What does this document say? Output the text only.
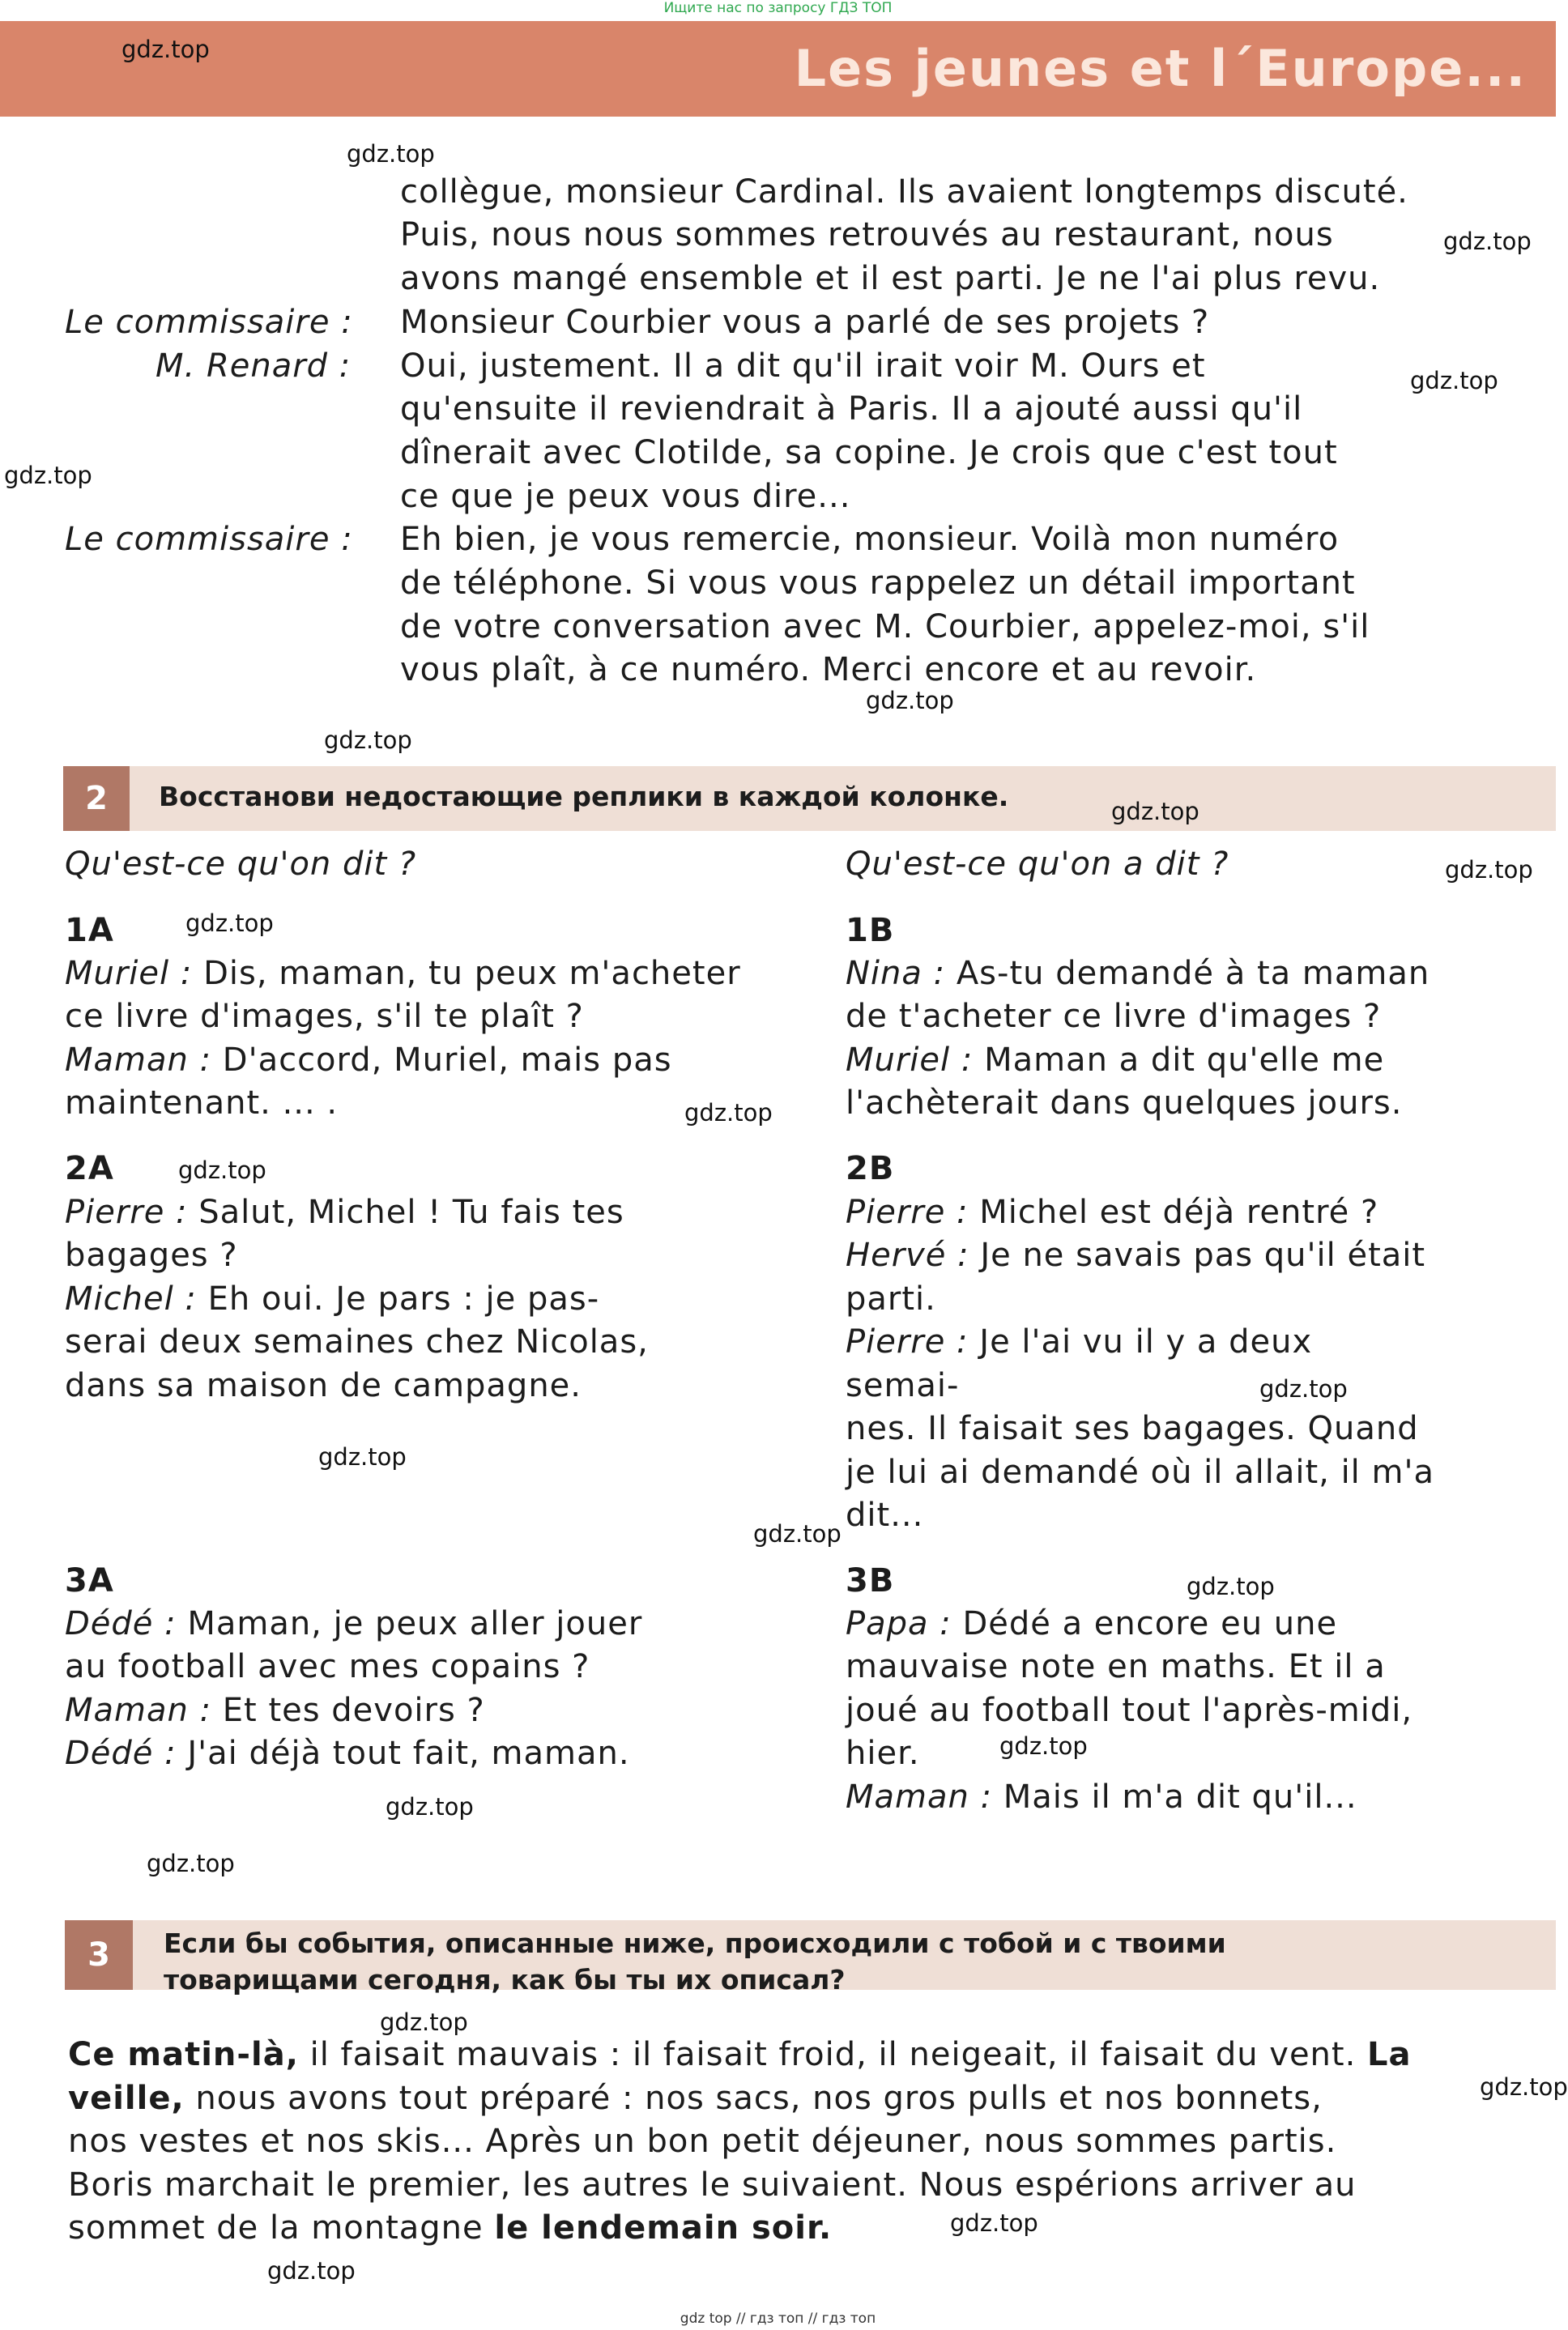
Ищите нас по запросу ГДЗ ТОП
Les jeunes et l´Europe...
collègue, monsieur Cardinal. Ils avaient longtemps discuté.
Puis, nous nous sommes retrouvés au restaurant, nous
avons mangé ensemble et il est parti. Je ne l'ai plus revu.
Le commissaire : Monsieur Courbier vous a parlé de ses projets ?
M. Renard : Oui, justement. Il a dit qu'il irait voir M. Ours et
qu'ensuite il reviendrait à Paris. Il a ajouté aussi qu'il
dînerait avec Clotilde, sa copine. Je crois que c'est tout
ce que je peux vous dire...
Le commissaire : Eh bien, je vous remercie, monsieur. Voilà mon numéro
de téléphone. Si vous vous rappelez un détail important
de votre conversation avec M. Courbier, appelez-moi, s'il
vous plaît, à ce numéro. Merci encore et au revoir.
2	Восстанови недостающие реплики в каждой колонке.
Qu'est-ce qu'on dit ?	Qu'est-ce qu'on a dit ?
1A
Muriel : Dis, maman, tu peux m'acheter
ce livre d'images, s'il te plaît ?
Maman : D'accord, Muriel, mais pas
maintenant. ... .
1B
Nina : As-tu demandé à ta maman
de t'acheter ce livre d'images ?
Muriel : Maman a dit qu'elle me
l'achèterait dans quelques jours.
2A
Pierre : Salut, Michel ! Tu fais tes
bagages ?
Michel : Eh oui. Je pars : je pas-
serai deux semaines chez Nicolas,
dans sa maison de campagne.
2B
Pierre : Michel est déjà rentré ?
Hervé : Je ne savais pas qu'il était
parti.
Pierre : Je l'ai vu il y a deux
semai-
nes. Il faisait ses bagages. Quand
je lui ai demandé où il allait, il m'a
dit...
3A
Dédé : Maman, je peux aller jouer
au football avec mes copains ?
Maman : Et tes devoirs ?
Dédé : J'ai déjà tout fait, maman.
3B
Papa : Dédé a encore eu une
mauvaise note en maths. Et il a
joué au football tout l'après-midi,
hier.
Maman : Mais il m'a dit qu'il...
3	Если бы события, описанные ниже, происходили с тобой и с твоими
товарищами сегодня, как бы ты их описал?
Ce matin-là, il faisait mauvais : il faisait froid, il neigeait, il faisait du vent. La
veille, nous avons tout préparé : nos sacs, nos gros pulls et nos bonnets,
nos vestes et nos skis... Après un bon petit déjeuner, nous sommes partis.
Boris marchait le premier, les autres le suivaient. Nous espérions arriver au
sommet de la montagne le lendemain soir.
gdz.top
gdz.top
gdz.top
gdz.top
gdz.top
gdz.top
gdz.top
gdz.top
gdz.top
gdz.top
gdz.top
gdz.top
gdz.top
gdz.top
gdz.top
gdz.top
gdz.top
gdz.top
gdz.top
gdz.top
gdz.top
gdz.top
gdz.top
gdz top // гдз топ // гдз топ
